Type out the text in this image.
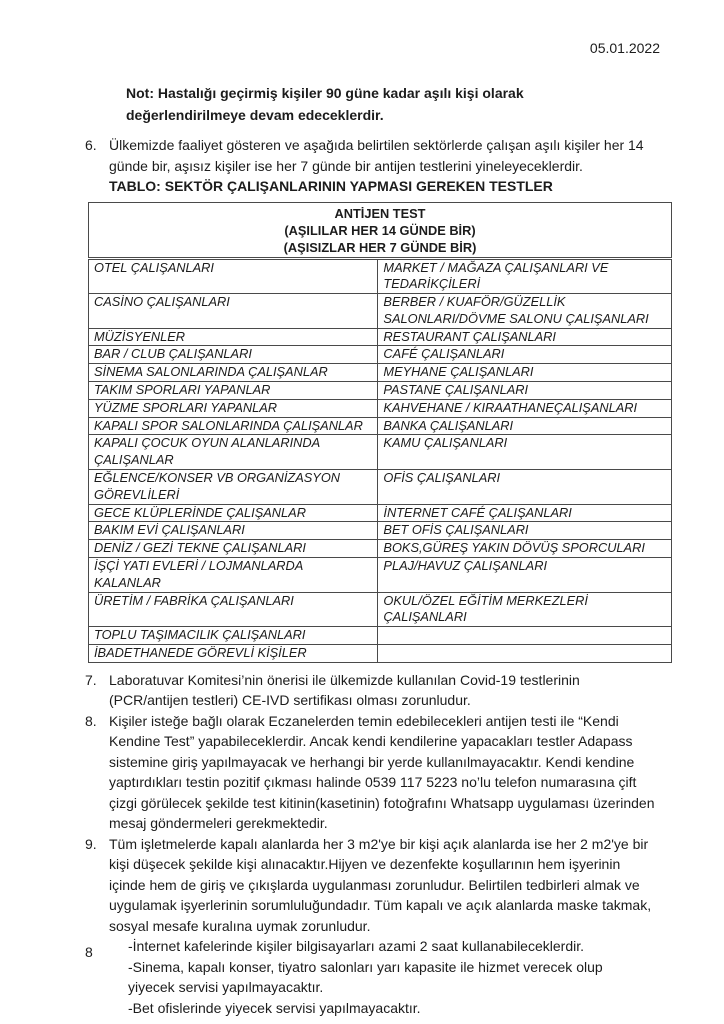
05.01.2022
Not: Hastalığı geçirmiş kişiler 90 güne kadar aşılı kişi olarak değerlendirilmeye devam edeceklerdir.
6. Ülkemizde faaliyet gösteren ve aşağıda belirtilen sektörlerde çalışan aşılı kişiler her 14 günde bir, aşısız kişiler ise her 7 günde bir antijen testlerini yineleyeceklerdir.
TABLO: SEKTÖR ÇALIŞANLARININ YAPMASI GEREKEN TESTLER
ANTİJEN TEST
(AŞILILAR HER 14 GÜNDE BİR)
(AŞISIZLAR HER 7 GÜNDE BİR)	

OTEL ÇALIŞANLARI	MARKET / MAĞAZA ÇALIŞANLARI VE TEDARİKÇİLERİ
CASİNO ÇALIŞANLARI	BERBER / KUAFÖR/GÜZELLİK SALONLARI/DÖVME SALONU ÇALIŞANLARI
MÜZİSYENLER	RESTAURANT ÇALIŞANLARI
BAR / CLUB ÇALIŞANLARI	CAFÉ ÇALIŞANLARI
SİNEMA SALONLARINDA ÇALIŞANLAR	MEYHANE ÇALIŞANLARI
TAKIM SPORLARI YAPANLAR	PASTANE ÇALIŞANLARI
YÜZME SPORLARI YAPANLAR	KAHVEHANE / KIRAATHANEÇALIŞANLARI
KAPALI SPOR SALONLARINDA ÇALIŞANLAR	BANKA ÇALIŞANLARI
KAPALI ÇOCUK OYUN ALANLARINDA ÇALIŞANLAR	KAMU ÇALIŞANLARI
EĞLENCE/KONSER VB ORGANİZASYON GÖREVLİLERİ	OFİS ÇALIŞANLARI
GECE KLÜPLERİNDE ÇALIŞANLAR	İNTERNET CAFÉ ÇALIŞANLARI
BAKIM EVİ ÇALIŞANLARI	BET OFİS ÇALIŞANLARI
DENİZ / GEZİ TEKNE ÇALIŞANLARI	BOKS,GÜREŞ YAKIN DÖVÜŞ SPORCULARI
İŞÇİ YATI EVLERİ / LOJMANLARDA KALANLAR	PLAJ/HAVUZ ÇALIŞANLARI
ÜRETİM / FABRİKA ÇALIŞANLARI	OKUL/ÖZEL EĞİTİM MERKEZLERİ ÇALIŞANLARI
TOPLU TAŞIMACILIK ÇALIŞANLARI	
İBADETHANEDE GÖREVLİ KİŞİLER	
7. Laboratuvar Komitesi’nin önerisi ile ülkemizde kullanılan Covid-19 testlerinin (PCR/antijen testleri) CE-IVD sertifikası olması zorunludur.
8. Kişiler isteğe bağlı olarak Eczanelerden temin edebilecekleri antijen testi ile “Kendi Kendine Test” yapabileceklerdir. Ancak kendi kendilerine yapacakları testler Adapass sistemine giriş yapılmayacak ve herhangi bir yerde kullanılmayacaktır. Kendi kendine yaptırdıkları testin pozitif çıkması halinde 0539 117 5223 no’lu telefon numarasına çift çizgi görülecek şekilde test kitinin(kasetinin) fotoğrafını Whatsapp uygulaması üzerinden mesaj göndermeleri gerekmektedir.
9. Tüm işletmelerde kapalı alanlarda her 3 m2'ye bir kişi açık alanlarda ise her 2 m2'ye bir kişi düşecek şekilde kişi alınacaktır.Hijyen ve dezenfekte koşullarının hem işyerinin içinde hem de giriş ve çıkışlarda uygulanması zorunludur. Belirtilen tedbirleri almak ve uygulamak işyerlerinin sorumluluğundadır. Tüm kapalı ve açık alanlarda maske takmak, sosyal mesafe kuralına uymak zorunludur.
-İnternet kafelerinde kişiler bilgisayarları azami 2 saat kullanabileceklerdir.
-Sinema, kapalı konser, tiyatro salonları yarı kapasite ile hizmet verecek olup yiyecek servisi yapılmayacaktır.
-Bet ofislerinde yiyecek servisi yapılmayacaktır.
8
